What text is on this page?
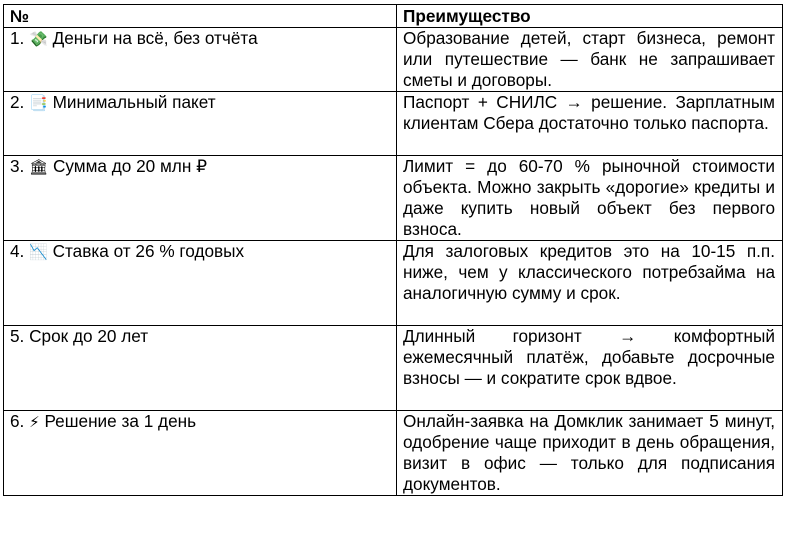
№	Преимущество
1. 💸 Деньги на всё, без отчёта	Образование детей, старт бизнеса, ремонт или путешествие — банк не запрашивает сметы и договоры.

2. 📑 Минимальный пакет	Паспорт + СНИЛС → решение. Зарплатным клиентам Сбера достаточно только паспорта.

3. 🏛 Сумма до 20 млн ₽	Лимит = до 60-70 % рыночной стоимости объекта. Можно закрыть «дорогие» кредиты и даже купить новый объект без первого взноса.

4. 📉 Ставка от 26 % годовых	Для залоговых кредитов это на 10-15 п.п. ниже, чем у классического потребзайма на аналогичную сумму и срок.

5. Срок до 20 лет	Длинный горизонт → комфортный ежемесячный платёж, добавьте досрочные взносы — и сократите срок вдвое.

6. ⚡ Решение за 1 день	Онлайн-заявка на Домклик занимает 5 минут, одобрение чаще приходит в день обращения, визит в офис — только для подписания документов.
